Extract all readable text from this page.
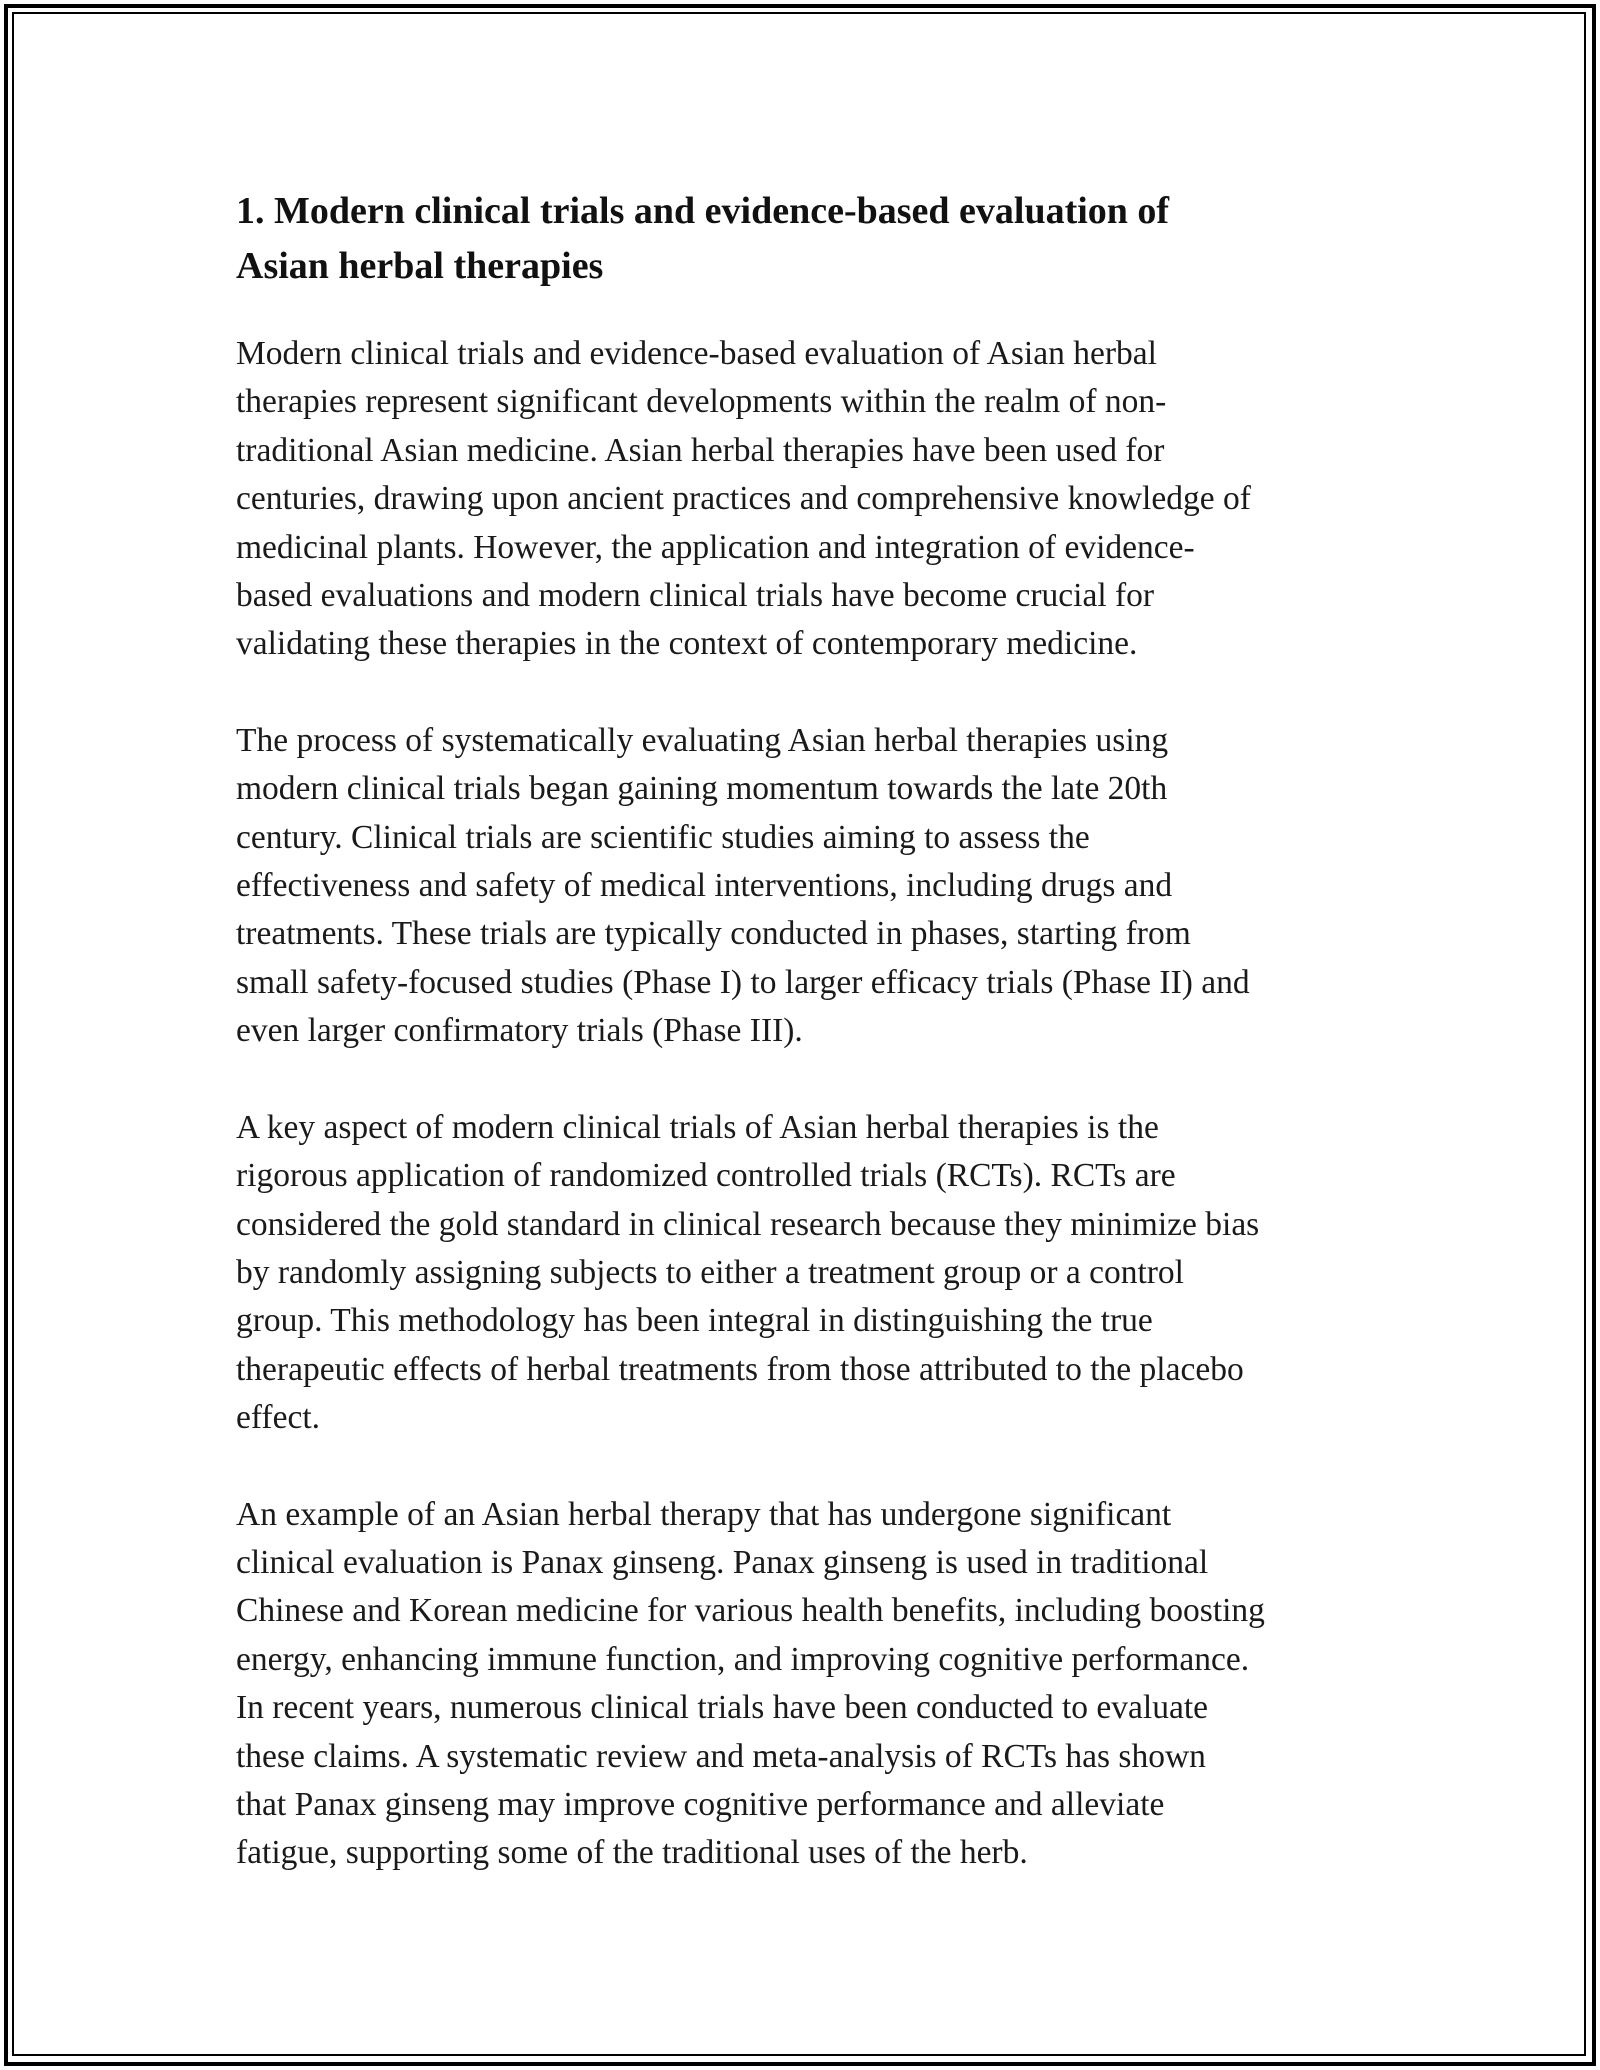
1. Modern clinical trials and evidence-based evaluation of
Asian herbal therapies

Modern clinical trials and evidence-based evaluation of Asian herbal
therapies represent significant developments within the realm of non-
traditional Asian medicine. Asian herbal therapies have been used for
centuries, drawing upon ancient practices and comprehensive knowledge of
medicinal plants. However, the application and integration of evidence-
based evaluations and modern clinical trials have become crucial for
validating these therapies in the context of contemporary medicine.

The process of systematically evaluating Asian herbal therapies using
modern clinical trials began gaining momentum towards the late 20th
century. Clinical trials are scientific studies aiming to assess the
effectiveness and safety of medical interventions, including drugs and
treatments. These trials are typically conducted in phases, starting from
small safety-focused studies (Phase I) to larger efficacy trials (Phase II) and
even larger confirmatory trials (Phase III).

A key aspect of modern clinical trials of Asian herbal therapies is the
rigorous application of randomized controlled trials (RCTs). RCTs are
considered the gold standard in clinical research because they minimize bias
by randomly assigning subjects to either a treatment group or a control
group. This methodology has been integral in distinguishing the true
therapeutic effects of herbal treatments from those attributed to the placebo
effect.

An example of an Asian herbal therapy that has undergone significant
clinical evaluation is Panax ginseng. Panax ginseng is used in traditional
Chinese and Korean medicine for various health benefits, including boosting
energy, enhancing immune function, and improving cognitive performance.
In recent years, numerous clinical trials have been conducted to evaluate
these claims. A systematic review and meta-analysis of RCTs has shown
that Panax ginseng may improve cognitive performance and alleviate
fatigue, supporting some of the traditional uses of the herb.
